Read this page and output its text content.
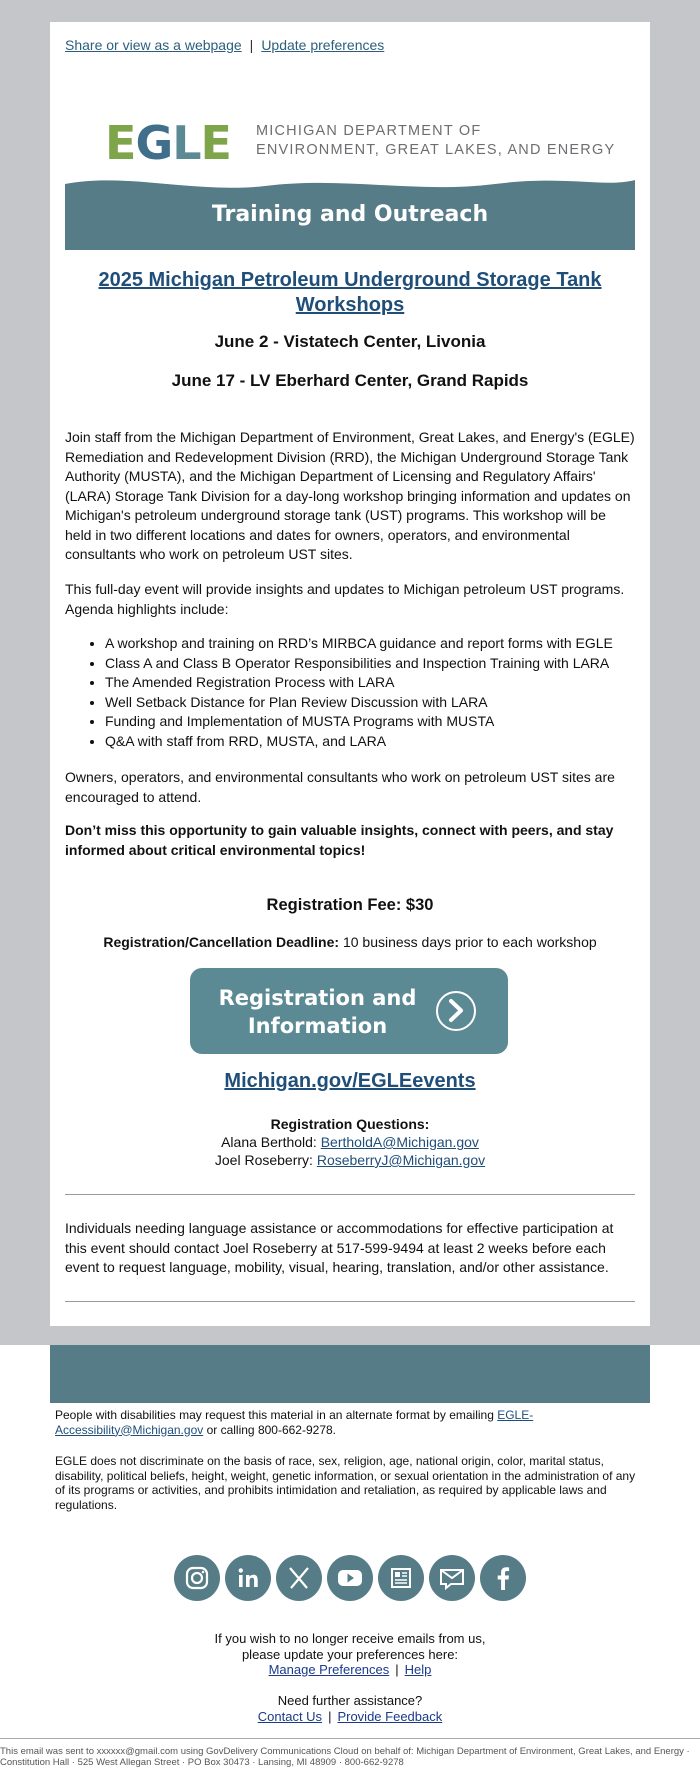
Share or view as a webpage | Update preferences
EGLE MICHIGAN DEPARTMENT OF
ENVIRONMENT, GREAT LAKES, AND ENERGY
Training and Outreach
2025 Michigan Petroleum Underground Storage Tank Workshops
June 2 - Vistatech Center, Livonia
June 17 - LV Eberhard Center, Grand Rapids

Join staff from the Michigan Department of Environment, Great Lakes, and Energy's (EGLE) Remediation and Redevelopment Division (RRD), the Michigan Underground Storage Tank Authority (MUSTA), and the Michigan Department of Licensing and Regulatory Affairs' (LARA) Storage Tank Division for a day-long workshop bringing information and updates on Michigan's petroleum underground storage tank (UST) programs. This workshop will be held in two different locations and dates for owners, operators, and environmental consultants who work on petroleum UST sites.

This full-day event will provide insights and updates to Michigan petroleum UST programs. Agenda highlights include:

• A workshop and training on RRD’s MIRBCA guidance and report forms with EGLE
• Class A and Class B Operator Responsibilities and Inspection Training with LARA
• The Amended Registration Process with LARA
• Well Setback Distance for Plan Review Discussion with LARA
• Funding and Implementation of MUSTA Programs with MUSTA
• Q&A with staff from RRD, MUSTA, and LARA

Owners, operators, and environmental consultants who work on petroleum UST sites are encouraged to attend.

Don’t miss this opportunity to gain valuable insights, connect with peers, and stay informed about critical environmental topics!

Registration Fee: $30
Registration/Cancellation Deadline: 10 business days prior to each workshop
Registration and
Information
Michigan.gov/EGLEevents
Registration Questions:
Alana Berthold: BertholdA@Michigan.gov
Joel Roseberry: RoseberryJ@Michigan.gov

Individuals needing language assistance or accommodations for effective participation at this event should contact Joel Roseberry at 517-599-9494 at least 2 weeks before each event to request language, mobility, visual, hearing, translation, and/or other assistance.

People with disabilities may request this material in an alternate format by emailing EGLE-Accessibility@Michigan.gov or calling 800-662-9278.

EGLE does not discriminate on the basis of race, sex, religion, age, national origin, color, marital status, disability, political beliefs, height, weight, genetic information, or sexual orientation in the administration of any of its programs or activities, and prohibits intimidation and retaliation, as required by applicable laws and regulations.

If you wish to no longer receive emails from us,
please update your preferences here:
Manage Preferences | Help
Need further assistance?
Contact Us | Provide Feedback
This email was sent to xxxxxx@gmail.com using GovDelivery Communications Cloud on behalf of: Michigan Department of Environment, Great Lakes, and Energy · Constitution Hall · 525 West Allegan Street · PO Box 30473 · Lansing, MI 48909 · 800-662-9278
